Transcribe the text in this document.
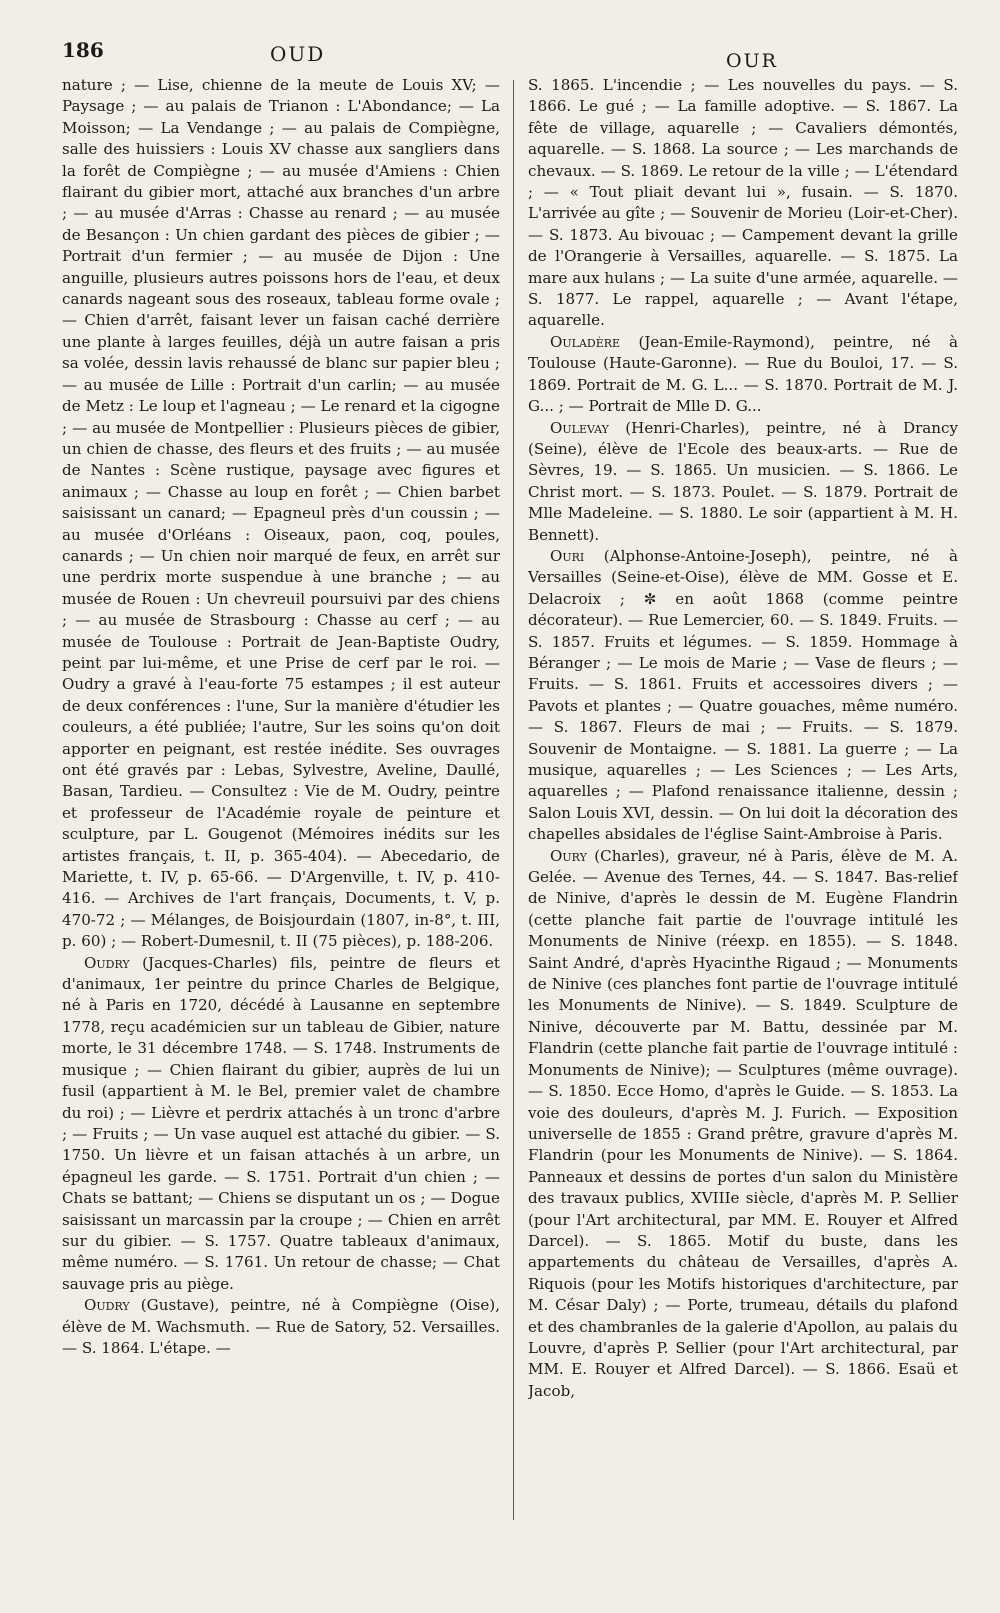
186	OUD	OUR

nature ; — Lise, chienne de la meute de Louis XV; — Paysage ; — au palais de Trianon : L'Abondance; — La Moisson; — La Vendange ; — au palais de Compiègne, salle des huissiers : Louis XV chasse aux sangliers dans la forêt de Compiègne ; — au musée d'Amiens : Chien flairant du gibier mort, attaché aux branches d'un arbre ; — au musée d'Arras : Chasse au renard ; — au musée de Besançon : Un chien gardant des pièces de gibier ; — Portrait d'un fermier ; — au musée de Dijon : Une anguille, plusieurs autres poissons hors de l'eau, et deux canards nageant sous des roseaux, tableau forme ovale ; — Chien d'arrêt, faisant lever un faisan caché derrière une plante à larges feuilles, déjà un autre faisan a pris sa volée, dessin lavis rehaussé de blanc sur papier bleu ; — au musée de Lille : Portrait d'un carlin; — au musée de Metz : Le loup et l'agneau ; — Le renard et la cigogne ; — au musée de Montpellier : Plusieurs pièces de gibier, un chien de chasse, des fleurs et des fruits ; — au musée de Nantes : Scène rustique, paysage avec figures et animaux ; — Chasse au loup en forêt ; — Chien barbet saisissant un canard; — Epagneul près d'un coussin ; — au musée d'Orléans : Oiseaux, paon, coq, poules, canards ; — Un chien noir marqué de feux, en arrêt sur une perdrix morte suspendue à une branche ; — au musée de Rouen : Un chevreuil poursuivi par des chiens ; — au musée de Strasbourg : Chasse au cerf ; — au musée de Toulouse : Portrait de Jean-Baptiste Oudry, peint par lui-même, et une Prise de cerf par le roi. — Oudry a gravé à l'eau-forte 75 estampes ; il est auteur de deux conférences : l'une, Sur la manière d'étudier les couleurs, a été publiée; l'autre, Sur les soins qu'on doit apporter en peignant, est restée inédite. Ses ouvrages ont été gravés par : Lebas, Sylvestre, Aveline, Daullé, Basan, Tardieu. — Consultez : Vie de M. Oudry, peintre et professeur de l'Académie royale de peinture et sculpture, par L. Gougenot (Mémoires inédits sur les artistes français, t. II, p. 365-404). — Abecedario, de Mariette, t. IV, p. 65-66. — D'Argenville, t. IV, p. 410-416. — Archives de l'art français, Documents, t. V, p. 470-72 ; — Mélanges, de Boisjourdain (1807, in-8°, t. III, p. 60) ; — Robert-Dumesnil, t. II (75 pièces), p. 188-206.

Oudry (Jacques-Charles) fils, peintre de fleurs et d'animaux, 1er peintre du prince Charles de Belgique, né à Paris en 1720, décédé à Lausanne en septembre 1778, reçu académicien sur un tableau de Gibier, nature morte, le 31 décembre 1748. — S. 1748. Instruments de musique ; — Chien flairant du gibier, auprès de lui un fusil (appartient à M. le Bel, premier valet de chambre du roi) ; — Lièvre et perdrix attachés à un tronc d'arbre ; — Fruits ; — Un vase auquel est attaché du gibier. — S. 1750. Un lièvre et un faisan attachés à un arbre, un épagneul les garde. — S. 1751. Portrait d'un chien ; — Chats se battant; — Chiens se disputant un os ; — Dogue saisissant un marcassin par la croupe ; — Chien en arrêt sur du gibier. — S. 1757. Quatre tableaux d'animaux, même numéro. — S. 1761. Un retour de chasse; — Chat sauvage pris au piège.

Oudry (Gustave), peintre, né à Compiègne (Oise), élève de M. Wachsmuth. — Rue de Satory, 52. Versailles. — S. 1864. L'étape. —

S. 1865. L'incendie ; — Les nouvelles du pays. — S. 1866. Le gué ; — La famille adoptive. — S. 1867. La fête de village, aquarelle ; — Cavaliers démontés, aquarelle. — S. 1868. La source ; — Les marchands de chevaux. — S. 1869. Le retour de la ville ; — L'étendard ; — « Tout pliait devant lui », fusain. — S. 1870. L'arrivée au gîte ; — Souvenir de Morieu (Loir-et-Cher). — S. 1873. Au bivouac ; — Campement devant la grille de l'Orangerie à Versailles, aquarelle. — S. 1875. La mare aux hulans ; — La suite d'une armée, aquarelle. — S. 1877. Le rappel, aquarelle ; — Avant l'étape, aquarelle.

Ouladère (Jean-Emile-Raymond), peintre, né à Toulouse (Haute-Garonne). — Rue du Bouloi, 17. — S. 1869. Portrait de M. G. L... — S. 1870. Portrait de M. J. G... ; — Portrait de Mlle D. G...

Oulevay (Henri-Charles), peintre, né à Drancy (Seine), élève de l'Ecole des beaux-arts. — Rue de Sèvres, 19. — S. 1865. Un musicien. — S. 1866. Le Christ mort. — S. 1873. Poulet. — S. 1879. Portrait de Mlle Madeleine. — S. 1880. Le soir (appartient à M. H. Bennett).

Ouri (Alphonse-Antoine-Joseph), peintre, né à Versailles (Seine-et-Oise), élève de MM. Gosse et E. Delacroix ; ✼ en août 1868 (comme peintre décorateur). — Rue Lemercier, 60. — S. 1849. Fruits. — S. 1857. Fruits et légumes. — S. 1859. Hommage à Béranger ; — Le mois de Marie ; — Vase de fleurs ; — Fruits. — S. 1861. Fruits et accessoires divers ; — Pavots et plantes ; — Quatre gouaches, même numéro. — S. 1867. Fleurs de mai ; — Fruits. — S. 1879. Souvenir de Montaigne. — S. 1881. La guerre ; — La musique, aquarelles ; — Les Sciences ; — Les Arts, aquarelles ; — Plafond renaissance italienne, dessin ; Salon Louis XVI, dessin. — On lui doit la décoration des chapelles absidales de l'église Saint-Ambroise à Paris.

Oury (Charles), graveur, né à Paris, élève de M. A. Gelée. — Avenue des Ternes, 44. — S. 1847. Bas-relief de Ninive, d'après le dessin de M. Eugène Flandrin (cette planche fait partie de l'ouvrage intitulé les Monuments de Ninive (réexp. en 1855). — S. 1848. Saint André, d'après Hyacinthe Rigaud ; — Monuments de Ninive (ces planches font partie de l'ouvrage intitulé les Monuments de Ninive). — S. 1849. Sculpture de Ninive, découverte par M. Battu, dessinée par M. Flandrin (cette planche fait partie de l'ouvrage intitulé : Monuments de Ninive); — Sculptures (même ouvrage). — S. 1850. Ecce Homo, d'après le Guide. — S. 1853. La voie des douleurs, d'après M. J. Furich. — Exposition universelle de 1855 : Grand prêtre, gravure d'après M. Flandrin (pour les Monuments de Ninive). — S. 1864. Panneaux et dessins de portes d'un salon du Ministère des travaux publics, XVIIIe siècle, d'après M. P. Sellier (pour l'Art architectural, par MM. E. Rouyer et Alfred Darcel). — S. 1865. Motif du buste, dans les appartements du château de Versailles, d'après A. Riquois (pour les Motifs historiques d'architecture, par M. César Daly) ; — Porte, trumeau, détails du plafond et des chambranles de la galerie d'Apollon, au palais du Louvre, d'après P. Sellier (pour l'Art architectural, par MM. E. Rouyer et Alfred Darcel). — S. 1866. Esaü et Jacob,
